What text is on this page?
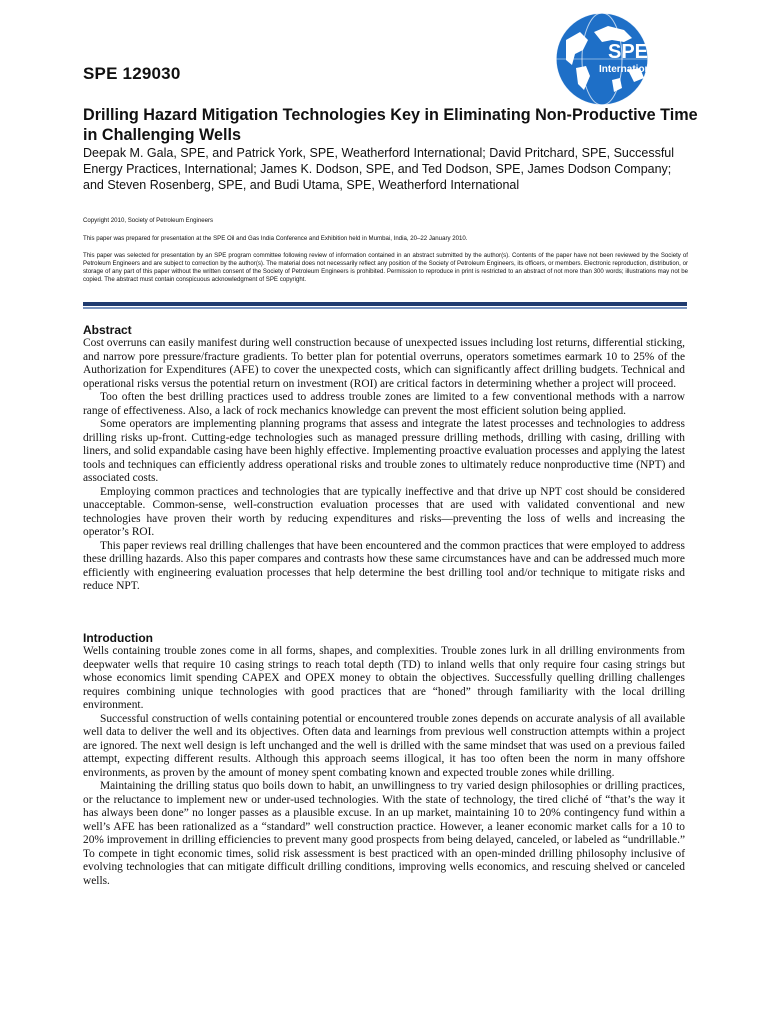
SPE 129030
SPE
International
Drilling Hazard Mitigation Technologies Key in Eliminating Non-Productive Time in Challenging Wells
Deepak M. Gala, SPE, and Patrick York, SPE, Weatherford International; David Pritchard, SPE, Successful Energy Practices, International; James K. Dodson, SPE, and Ted Dodson, SPE, James Dodson Company; and Steven Rosenberg, SPE, and Budi Utama, SPE, Weatherford International
Copyright 2010, Society of Petroleum Engineers
This paper was prepared for presentation at the SPE Oil and Gas India Conference and Exhibition held in Mumbai, India, 20–22 January 2010.
This paper was selected for presentation by an SPE program committee following review of information contained in an abstract submitted by the author(s). Contents of the paper have not been reviewed by the Society of Petroleum Engineers and are subject to correction by the author(s). The material does not necessarily reflect any position of the Society of Petroleum Engineers, its officers, or members. Electronic reproduction, distribution, or storage of any part of this paper without the written consent of the Society of Petroleum Engineers is prohibited. Permission to reproduce in print is restricted to an abstract of not more than 300 words; illustrations may not be copied. The abstract must contain conspicuous acknowledgment of SPE copyright.
Abstract

Cost overruns can easily manifest during well construction because of unexpected issues including lost returns, differential sticking, and narrow pore pressure/fracture gradients. To better plan for potential overruns, operators sometimes earmark 10 to 25% of the Authorization for Expenditures (AFE) to cover the unexpected costs, which can significantly affect drilling budgets. Technical and operational risks versus the potential return on investment (ROI) are critical factors in determining whether a project will proceed.

Too often the best drilling practices used to address trouble zones are limited to a few conventional methods with a narrow range of effectiveness. Also, a lack of rock mechanics knowledge can prevent the most efficient solution being applied.

Some operators are implementing planning programs that assess and integrate the latest processes and technologies to address drilling risks up-front. Cutting-edge technologies such as managed pressure drilling methods, drilling with casing, drilling with liners, and solid expandable casing have been highly effective. Implementing proactive evaluation processes and applying the latest tools and techniques can efficiently address operational risks and trouble zones to ultimately reduce nonproductive time (NPT) and associated costs.

Employing common practices and technologies that are typically ineffective and that drive up NPT cost should be considered unacceptable. Common-sense, well-construction evaluation processes that are used with validated conventional and new technologies have proven their worth by reducing expenditures and risks—preventing the loss of wells and increasing the operator’s ROI.

This paper reviews real drilling challenges that have been encountered and the common practices that were employed to address these drilling hazards. Also this paper compares and contrasts how these same circumstances have and can be addressed much more efficiently with engineering evaluation processes that help determine the best drilling tool and/or technique to mitigate risks and reduce NPT.

Introduction

Wells containing trouble zones come in all forms, shapes, and complexities. Trouble zones lurk in all drilling environments from deepwater wells that require 10 casing strings to reach total depth (TD) to inland wells that only require four casing strings but whose economics limit spending CAPEX and OPEX money to obtain the objectives. Successfully quelling drilling challenges requires combining unique technologies with good practices that are “honed” through familiarity with the local drilling environment.

Successful construction of wells containing potential or encountered trouble zones depends on accurate analysis of all available well data to deliver the well and its objectives. Often data and learnings from previous well construction attempts within a project are ignored. The next well design is left unchanged and the well is drilled with the same mindset that was used on a previous failed attempt, expecting different results. Although this approach seems illogical, it has too often been the norm in many offshore environments, as proven by the amount of money spent combating known and expected trouble zones while drilling.

Maintaining the drilling status quo boils down to habit, an unwillingness to try varied design philosophies or drilling practices, or the reluctance to implement new or under-used technologies. With the state of technology, the tired cliché of “that’s the way it has always been done” no longer passes as a plausible excuse. In an up market, maintaining 10 to 20% contingency fund within a well’s AFE has been rationalized as a “standard” well construction practice. However, a leaner economic market calls for a 10 to 20% improvement in drilling efficiencies to prevent many good prospects from being delayed, canceled, or labeled as “undrillable.” To compete in tight economic times, solid risk assessment is best practiced with an open-minded drilling philosophy inclusive of evolving technologies that can mitigate difficult drilling conditions, improving wells economics, and rescuing shelved or canceled wells.
